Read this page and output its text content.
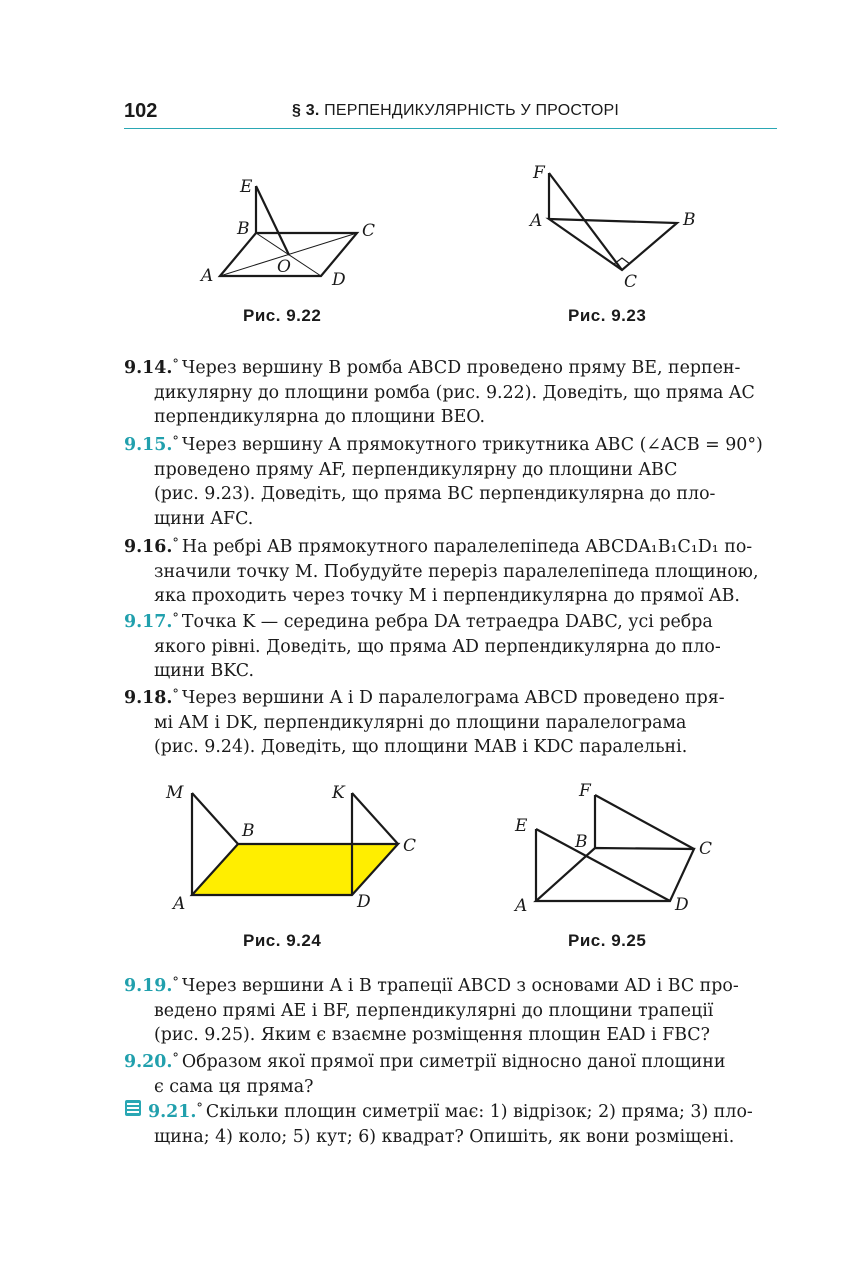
102	§ 3. ПЕРПЕНДИКУЛЯРНІСТЬ У ПРОСТОРІ
E
B	C
O
A	D
Рис. 9.22
F
A	B
C
Рис. 9.23
9.14.° Через вершину B ромба ABCD проведено пряму BE, перпен-
дикулярну до площини ромба (рис. 9.22). Доведіть, що пряма AC
перпендикулярна до площини BEO.
9.15.° Через вершину A прямокутного трикутника ABC (∠ACB = 90°)
проведено пряму AF, перпендикулярну до площини ABC
(рис. 9.23). Доведіть, що пряма BC перпендикулярна до пло-
щини AFC.
9.16.° На ребрі AB прямокутного паралелепіпеда ABCDA₁B₁C₁D₁ по-
значили точку M. Побудуйте переріз паралелепіпеда площиною,
яка проходить через точку M і перпендикулярна до прямої AB.
9.17.° Точка K — середина ребра DA тетраедра DABC, усі ребра
якого рівні. Доведіть, що пряма AD перпендикулярна до пло-
щини BKC.
9.18.° Через вершини A і D паралелограма ABCD проведено пря-
мі AM і DK, перпендикулярні до площини паралелограма
(рис. 9.24). Доведіть, що площини MAB і KDC паралельні.
M	K
B
C
A	D
Рис. 9.24
F
E
B	C
A	D
Рис. 9.25
9.19.° Через вершини A і B трапеції ABCD з основами AD і BC про-
ведено прямі AE і BF, перпендикулярні до площини трапеції
(рис. 9.25). Яким є взаємне розміщення площин EAD і FBC?
9.20.° Образом якої прямої при симетрії відносно даної площини
є сама ця пряма?
9.21.° Скільки площин симетрії має: 1) відрізок; 2) пряма; 3) пло-
щина; 4) коло; 5) кут; 6) квадрат? Опишіть, як вони розміщені.
